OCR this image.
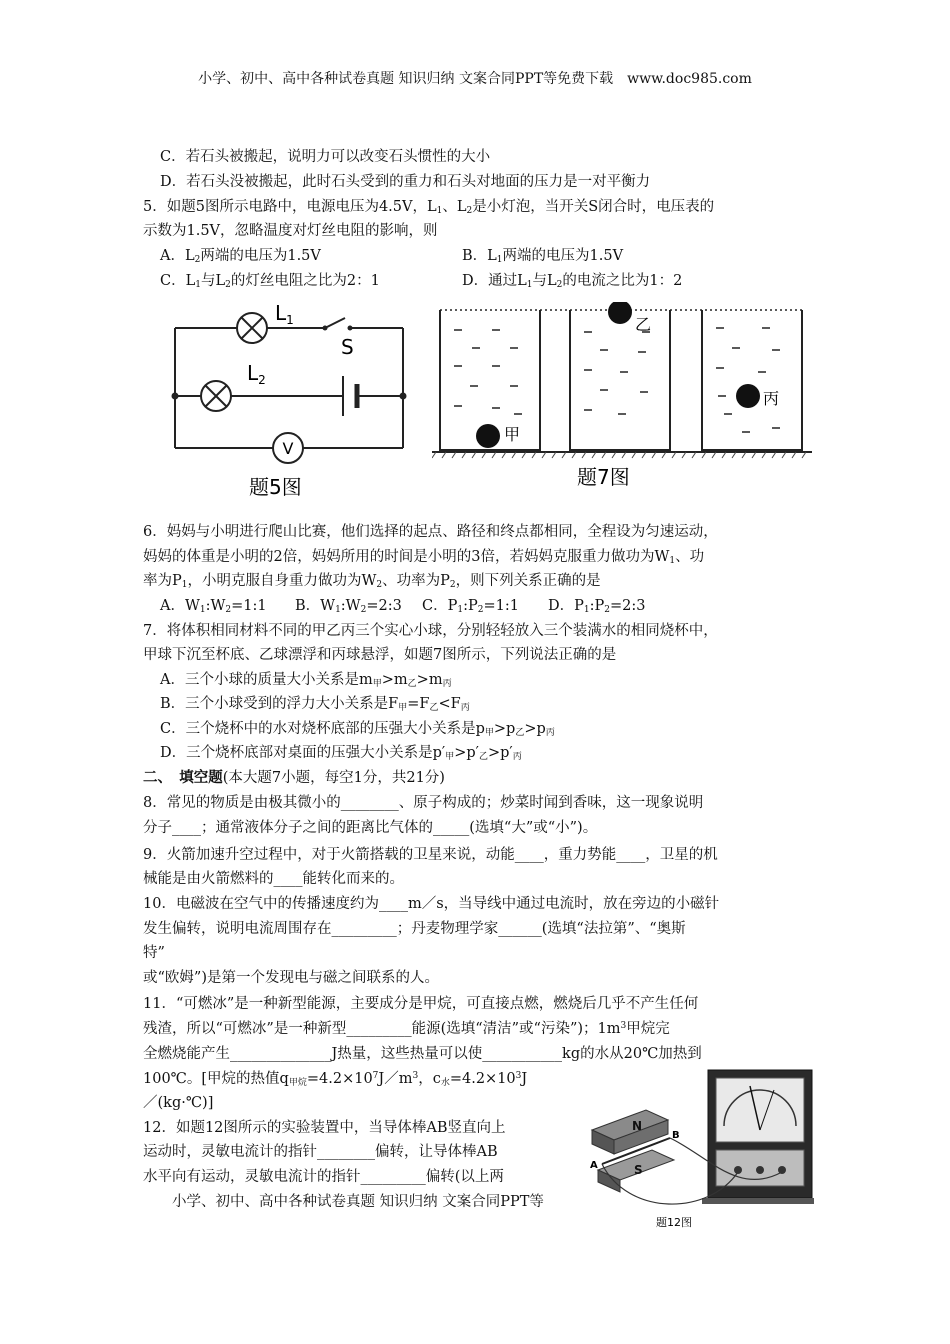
小学、初中、高中各种试卷真题 知识归纳 文案合同PPT等免费下载　www.doc985.com
C．若石头被搬起，说明力可以改变石头惯性的大小
D．若石头没被搬起，此时石头受到的重力和石头对地面的压力是一对平衡力
5．如题5图所示电路中，电源电压为4.5V，$L_1$、$L_2$是小灯泡，当开关S闭合时，电压表的
示数为1.5V，忽略温度对灯丝电阻的影响，则
A．$L_2$两端的电压为1.5V	B．$L_1$两端的电压为1.5V
C．$L_1$与$L_2$的灯丝电阻之比为2：1	D．通过$L_1$与$L_2$的电流之比为1：2
V
$L_1$
$L_2$
S
题5图
甲
乙
丙
题7图
6．妈妈与小明进行爬山比赛，他们选择的起点、路径和终点都相同，全程设为匀速运动，
妈妈的体重是小明的2倍，妈妈所用的时间是小明的3倍，若妈妈克服重力做功为$W_1$、功
率为$P_1$，小明克服自身重力做功为$W_2$、功率为$P_2$，则下列关系正确的是
A．$W_1:W_2=1:1$ B．$W_1:W_2=2:3$ C．$P_1:P_2=1:1$ D．$P_1:P_2=2:3$
7．将体积相同材料不同的甲乙丙三个实心小球，分别轻轻放入三个装满水的相同烧杯中，
甲球下沉至杯底、乙球漂浮和丙球悬浮，如题7图所示，下列说法正确的是
A．三个小球的质量大小关系是m甲>m乙>m丙
B．三个小球受到的浮力大小关系是F甲=F乙<F丙
C．三个烧杯中的水对烧杯底部的压强大小关系是p甲>p乙>p丙
D．三个烧杯底部对桌面的压强大小关系是p′甲>p′乙>p′丙
二、　填空题(本大题7小题，每空1分，共21分)
8．常见的物质是由极其微小的________、原子构成的；炒菜时闻到香味，这一现象说明
分子____；通常液体分子之间的距离比气体的_____(选填“大”或“小”)。
9．火箭加速升空过程中，对于火箭搭载的卫星来说，动能____，重力势能____，卫星的机
械能是由火箭燃料的____能转化而来的。
10．电磁波在空气中的传播速度约为____m／s，当导线中通过电流时，放在旁边的小磁针
发生偏转，说明电流周围存在_________；丹麦物理学家______(选填“法拉第”、“奥斯
特”
或“欧姆”)是第一个发现电与磁之间联系的人。
11．“可燃冰”是一种新型能源，主要成分是甲烷，可直接点燃，燃烧后几乎不产生任何
残渣，所以“可燃冰”是一种新型_________能源(选填“清洁”或“污染”)；$1m^3$甲烷完
全燃烧能产生______________J热量，这些热量可以使___________kg的水从20℃加热到
100℃。[甲烷的热值q甲烷$=4.2\times 10^7J/m^3$，c水$=4.2\times 10^3J$
／(kg·℃)]
12．如题12图所示的实验装置中，当导体棒AB竖直向上
运动时，灵敏电流计的指针________偏转，让导体棒AB
水平向有运动，灵敏电流计的指针_________偏转(以上两
小学、初中、高中各种试卷真题 知识归纳 文案合同PPT等
N
S
A
B
题12图
